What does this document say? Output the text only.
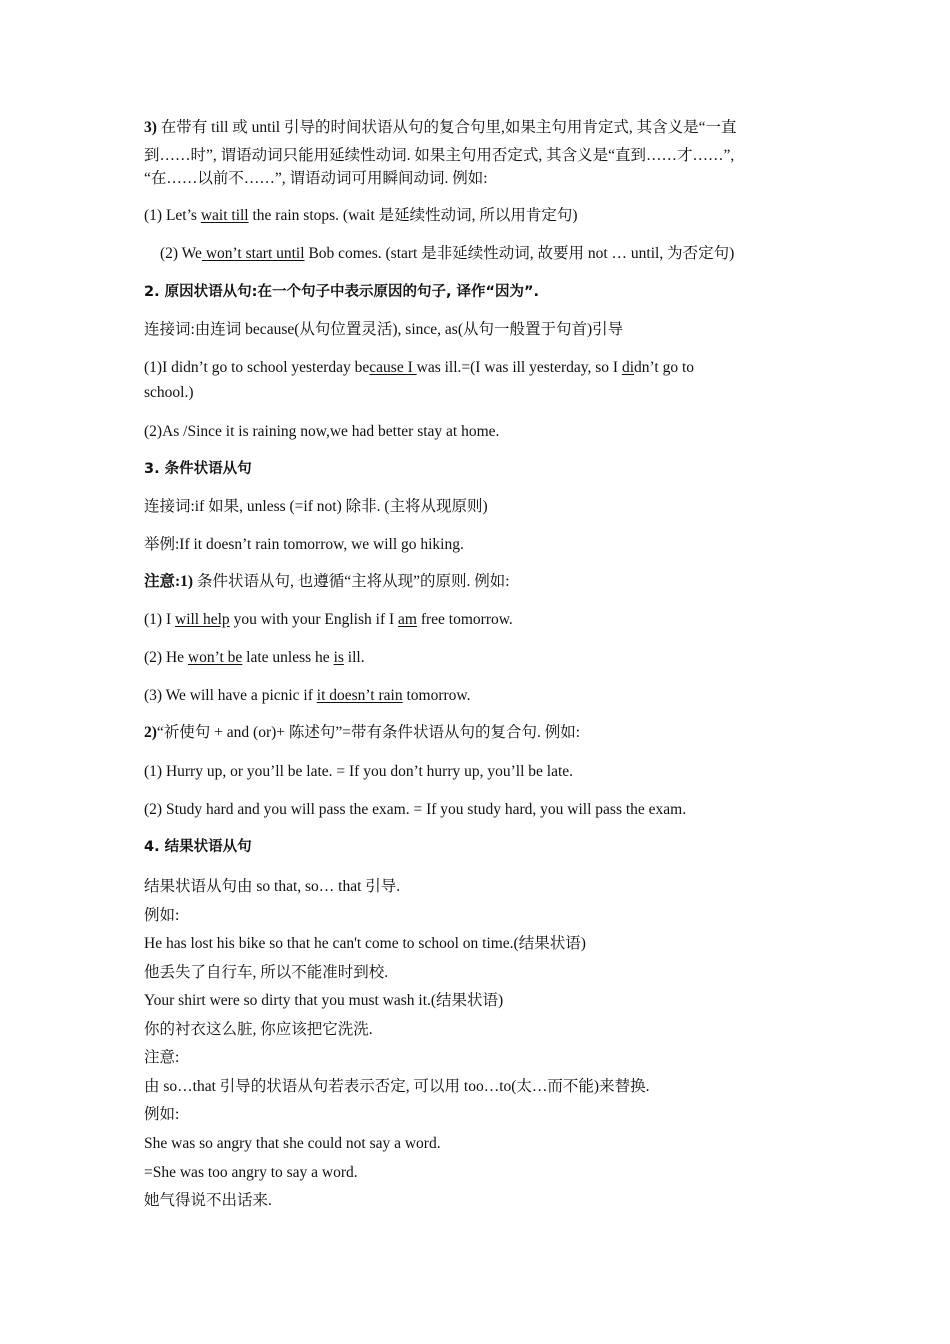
3) 在带有 till 或 until 引导的时间状语从句的复合句里,如果主句用肯定式, 其含义是“一直
到……时”, 谓语动词只能用延续性动词. 如果主句用否定式, 其含义是“直到……才……”,
“在……以前不……”, 谓语动词可用瞬间动词. 例如:
(1) Let’s wait till the rain stops. (wait 是延续性动词, 所以用肯定句)
(2) We won’t start until Bob comes. (start 是非延续性动词, 故要用 not … until, 为否定句)
2. 原因状语从句:在一个句子中表示原因的句子, 译作“因为”.
连接词:由连词 because(从句位置灵活), since, as(从句一般置于句首)引导
(1)I didn’t go to school yesterday because I was ill.=(I was ill yesterday, so I didn’t go to
school.)
(2)As /Since it is raining now,we had better stay at home.
3. 条件状语从句
连接词:if 如果, unless (=if not) 除非. (主将从现原则)
举例:If it doesn’t rain tomorrow, we will go hiking.
注意:1) 条件状语从句, 也遵循“主将从现”的原则. 例如:
(1) I will help you with your English if I am free tomorrow.
(2) He won’t be late unless he is ill.
(3) We will have a picnic if it doesn’t rain tomorrow.
2)“祈使句 + and (or)+ 陈述句”=带有条件状语从句的复合句. 例如:
(1) Hurry up, or you’ll be late. = If you don’t hurry up, you’ll be late.
(2) Study hard and you will pass the exam. = If you study hard, you will pass the exam.
4. 结果状语从句
结果状语从句由 so that, so… that 引导.
例如:
He has lost his bike so that he can't come to school on time.(结果状语)
他丢失了自行车, 所以不能准时到校.
Your shirt were so dirty that you must wash it.(结果状语)
你的衬衣这么脏, 你应该把它洗洗.
注意:
由 so…that 引导的状语从句若表示否定, 可以用 too…to(太…而不能)来替换.
例如:
She was so angry that she could not say a word.
=She was too angry to say a word.
她气得说不出话来.
